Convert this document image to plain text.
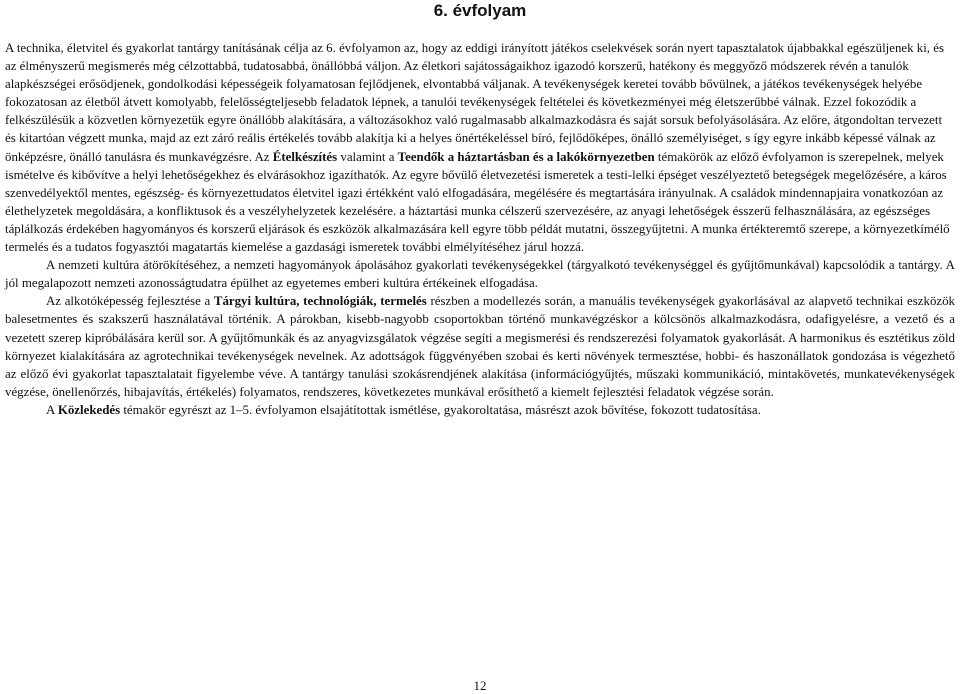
6. évfolyam

A technika, életvitel és gyakorlat tantárgy tanításának célja az 6. évfolyamon az, hogy az eddigi irányított játékos cselekvések során nyert tapasztalatok újabbakkal egészüljenek ki, és az élményszerű megismerés még célzottabbá, tudatosabbá, önállóbbá váljon. Az életkori sajátosságaikhoz igazodó korszerű, hatékony és meggyőző módszerek révén a tanulók alapkészségei erősödjenek, gondolkodási képességeik folyamatosan fejlődjenek, elvontabbá váljanak. A tevékenységek keretei tovább bővülnek, a játékos tevékenységek helyébe fokozatosan az életből átvett komolyabb, felelősségteljesebb feladatok lépnek, a tanulói tevékenységek feltételei és következményei még életszerűbbé válnak. Ezzel fokozódik a felkészülésük a közvetlen környezetük egyre önállóbb alakítására, a változásokhoz való rugalmasabb alkalmazkodásra és saját sorsuk befolyásolására. Az előre, átgondoltan tervezett és kitartóan végzett munka, majd az ezt záró reális értékelés tovább alakítja ki a helyes önértékeléssel bíró, fejlődőképes, önálló személyiséget, s így egyre inkább képessé válnak az önképzésre, önálló tanulásra és munkavégzésre. Az Ételkészítés valamint a Teendők a háztartásban és a lakókörnyezetben témakörök az előző évfolyamon is szerepelnek, melyek ismételve és kibővítve a helyi lehetőségekhez és elvárásokhoz igazíthatók. Az egyre bővülő életvezetési ismeretek a testi-lelki épséget veszélyeztető betegségek megelőzésére, a káros szenvedélyektől mentes, egészség- és környezettudatos életvitel igazi értékként való elfogadására, megélésére és megtartására irányulnak. A családok mindennapjaira vonatkozóan az élethelyzetek megoldására, a konfliktusok és a veszélyhelyzetek kezelésére. a háztartási munka célszerű szervezésére, az anyagi lehetőségek ésszerű felhasználására, az egészséges táplálkozás érdekében hagyományos és korszerű eljárások és eszközök alkalmazására kell egyre több példát mutatni, összegyűjtetni. A munka értékteremtő szerepe, a környezetkímélő termelés és a tudatos fogyasztói magatartás kiemelése a gazdasági ismeretek további elmélyítéséhez járul hozzá.

A nemzeti kultúra átörökítéséhez, a nemzeti hagyományok ápolásához gyakorlati tevékenységekkel (tárgyalkotó tevékenységgel és gyűjtőmunkával) kapcsolódik a tantárgy. A jól megalapozott nemzeti azonosságtudatra épülhet az egyetemes emberi kultúra értékeinek elfogadása.

Az alkotóképesség fejlesztése a Tárgyi kultúra, technológiák, termelés részben a modellezés során, a manuális tevékenységek gyakorlásával az alapvető technikai eszközök balesetmentes és szakszerű használatával történik. A párokban, kisebb-nagyobb csoportokban történő munkavégzéskor a kölcsönös alkalmazkodásra, odafigyelésre, a vezető és a vezetett szerep kipróbálására kerül sor. A gyűjtőmunkák és az anyagvizsgálatok végzése segíti a megismerési és rendszerezési folyamatok gyakorlását. A harmonikus és esztétikus zöld környezet kialakítására az agrotechnikai tevékenységek nevelnek. Az adottságok függvényében szobai és kerti növények termesztése, hobbi- és haszonállatok gondozása is végezhető az előző évi gyakorlat tapasztalatait figyelembe véve. A tantárgy tanulási szokásrendjének alakítása (információgyűjtés, műszaki kommunikáció, mintakövetés, munkatevékenységek végzése, önellenőrzés, hibajavítás, értékelés) folyamatos, rendszeres, következetes munkával erősíthető a kiemelt fejlesztési feladatok végzése során.

A Közlekedés témakör egyrészt az 1–5. évfolyamon elsajátítottak ismétlése, gyakoroltatása, másrészt azok bővítése, fokozott tudatosítása.

12
